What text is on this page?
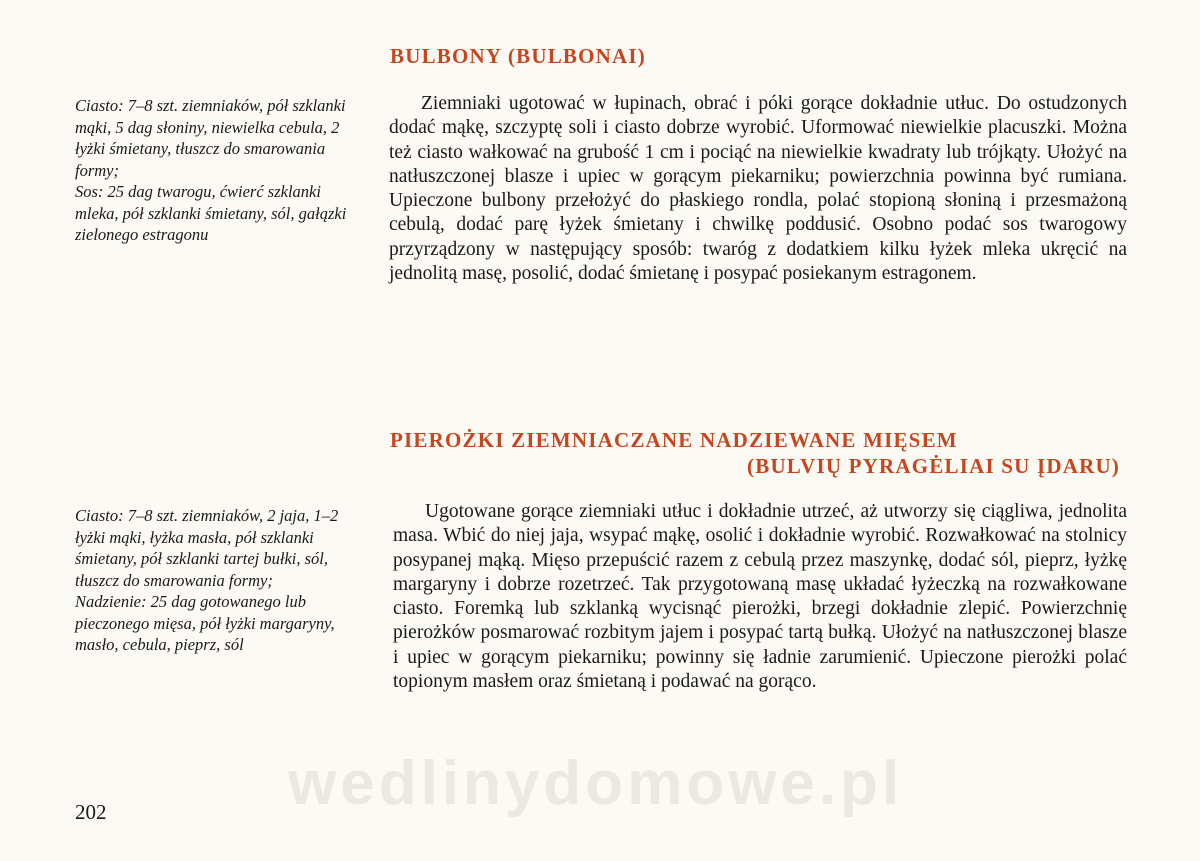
BULBONY (BULBONAI)

Ciasto: 7–8 szt. ziemniaków, pół szklanki mąki, 5 dag słoniny, niewielka cebula, 2 łyżki śmietany, tłuszcz do smarowania formy;

Sos: 25 dag twarogu, ćwierć szklanki mleka, pół szklanki śmietany, sól, gałązki zielonego estragonu

Ziemniaki ugotować w łupinach, obrać i póki gorące dokładnie utłuc. Do ostudzonych dodać mąkę, szczyptę soli i ciasto dobrze wyrobić. Uformować niewielkie placuszki. Można też ciasto wałkować na grubość 1 cm i pociąć na niewielkie kwadraty lub trójkąty. Ułożyć na natłuszczonej blasze i upiec w gorącym piekarniku; powierzchnia powinna być rumiana. Upieczone bulbony przełożyć do płaskiego rondla, polać stopioną słoniną i przesmażoną cebulą, dodać parę łyżek śmietany i chwilkę poddusić. Osobno podać sos twarogowy przyrządzony w następujący sposób: twaróg z dodatkiem kilku łyżek mleka ukręcić na jednolitą masę, posolić, dodać śmietanę i posypać posiekanym estragonem.

PIEROŻKI ZIEMNIACZANE NADZIEWANE MIĘSEM
(BULVIŲ PYRAGĖLIAI SU ĮDARU)

Ciasto: 7–8 szt. ziemniaków, 2 jaja, 1–2 łyżki mąki, łyżka masła, pół szklanki śmietany, pół szklanki tartej bułki, sól, tłuszcz do smarowania formy;

Nadzienie: 25 dag gotowanego lub pieczonego mięsa, pół łyżki margaryny, masło, cebula, pieprz, sól

Ugotowane gorące ziemniaki utłuc i dokładnie utrzeć, aż utworzy się ciągliwa, jednolita masa. Wbić do niej jaja, wsypać mąkę, osolić i dokładnie wyrobić. Rozwałkować na stolnicy posypanej mąką. Mięso przepuścić razem z cebulą przez maszynkę, dodać sól, pieprz, łyżkę margaryny i dobrze rozetrzeć. Tak przygotowaną masę układać łyżeczką na rozwałkowane ciasto. Foremką lub szklanką wycisnąć pierożki, brzegi dokładnie zlepić. Powierzchnię pierożków posmarować rozbitym jajem i posypać tartą bułką. Ułożyć na natłuszczonej blasze i upiec w gorącym piekarniku; powinny się ładnie zarumienić. Upieczone pierożki polać topionym masłem oraz śmietaną i podawać na gorąco.

wedlinydomowe.pl
202
